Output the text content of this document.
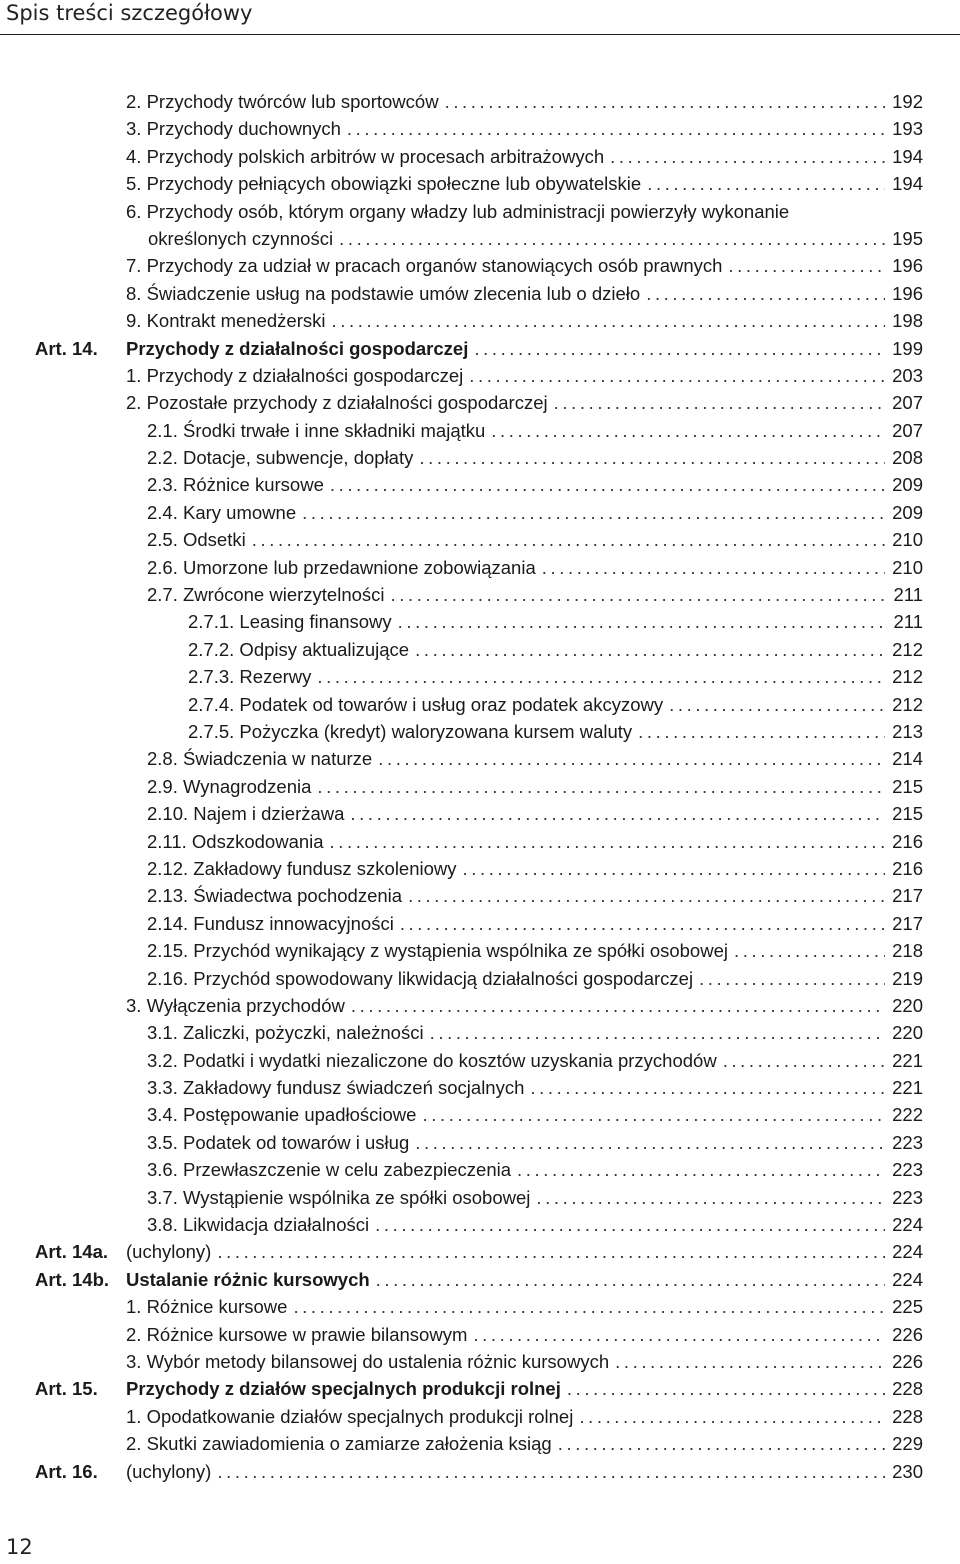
Spis treści szczegółowy
2. Przychody twórców lub sportowców .....	192
3. Przychody duchownych .....	193
4. Przychody polskich arbitrów w procesach arbitrażowych .....	194
5. Przychody pełniących obowiązki społeczne lub obywatelskie .....	194
6. Przychody osób, którym organy władzy lub administracji powierzyły wykonanie
określonych czynności .....	195
7. Przychody za udział w pracach organów stanowiących osób prawnych .....	196
8. Świadczenie usług na podstawie umów zlecenia lub o dzieło .....	196
9. Kontrakt menedżerski .....	198
Art. 14. Przychody z działalności gospodarczej .....	199
1. Przychody z działalności gospodarczej .....	203
2. Pozostałe przychody z działalności gospodarczej .....	207
2.1. Środki trwałe i inne składniki majątku .....	207
2.2. Dotacje, subwencje, dopłaty .....	208
2.3. Różnice kursowe .....	209
2.4. Kary umowne .....	209
2.5. Odsetki .....	210
2.6. Umorzone lub przedawnione zobowiązania .....	210
2.7. Zwrócone wierzytelności .....	211
2.7.1. Leasing finansowy .....	211
2.7.2. Odpisy aktualizujące .....	212
2.7.3. Rezerwy .....	212
2.7.4. Podatek od towarów i usług oraz podatek akcyzowy .....	212
2.7.5. Pożyczka (kredyt) waloryzowana kursem waluty .....	213
2.8. Świadczenia w naturze .....	214
2.9. Wynagrodzenia .....	215
2.10. Najem i dzierżawa .....	215
2.11. Odszkodowania .....	216
2.12. Zakładowy fundusz szkoleniowy .....	216
2.13. Świadectwa pochodzenia .....	217
2.14. Fundusz innowacyjności .....	217
2.15. Przychód wynikający z wystąpienia wspólnika ze spółki osobowej .....	218
2.16. Przychód spowodowany likwidacją działalności gospodarczej .....	219
3. Wyłączenia przychodów .....	220
3.1. Zaliczki, pożyczki, należności .....	220
3.2. Podatki i wydatki niezaliczone do kosztów uzyskania przychodów .....	221
3.3. Zakładowy fundusz świadczeń socjalnych .....	221
3.4. Postępowanie upadłościowe .....	222
3.5. Podatek od towarów i usług .....	223
3.6. Przewłaszczenie w celu zabezpieczenia .....	223
3.7. Wystąpienie wspólnika ze spółki osobowej .....	223
3.8. Likwidacja działalności .....	224
Art. 14a. (uchylony) .....	224
Art. 14b. Ustalanie różnic kursowych .....	224
1. Różnice kursowe .....	225
2. Różnice kursowe w prawie bilansowym .....	226
3. Wybór metody bilansowej do ustalenia różnic kursowych .....	226
Art. 15. Przychody z działów specjalnych produkcji rolnej .....	228
1. Opodatkowanie działów specjalnych produkcji rolnej .....	228
2. Skutki zawiadomienia o zamiarze założenia ksiąg .....	229
Art. 16. (uchylony) .....	230
12
